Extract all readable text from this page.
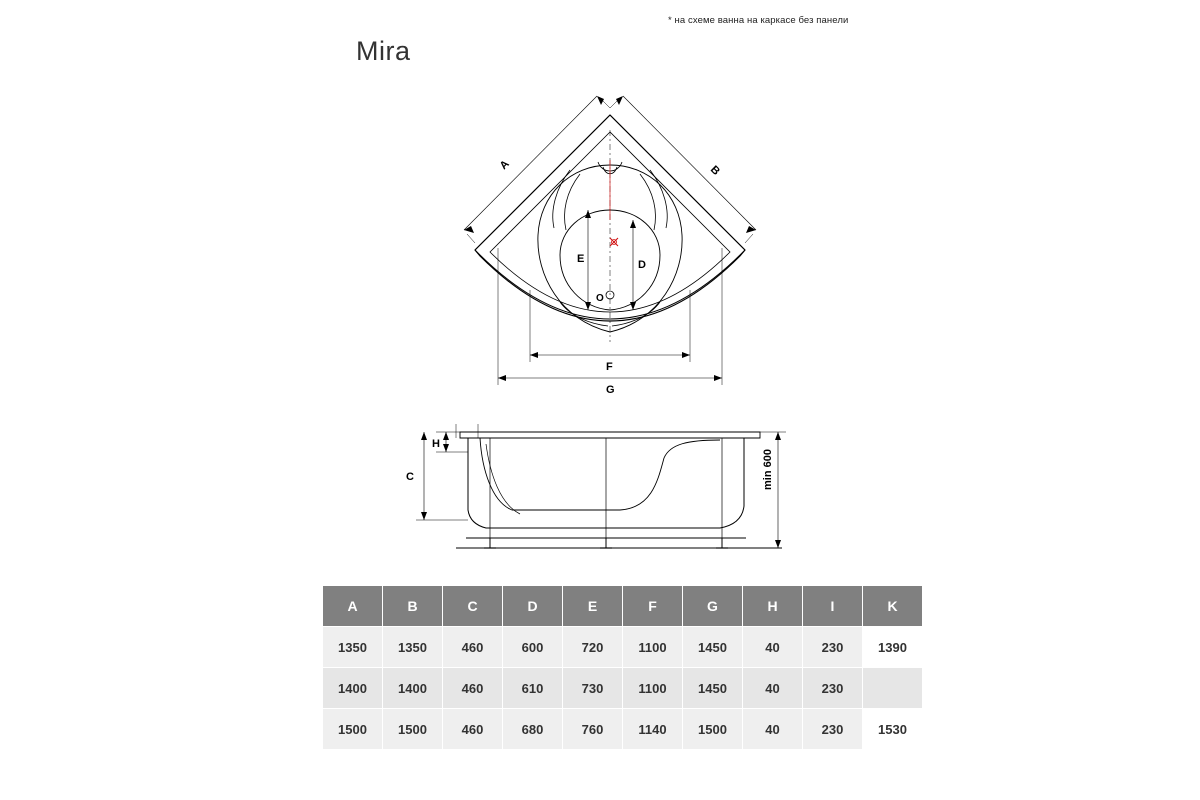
* на схеме ванна на каркасе без панели
Mira
A	B
D
E
F
G
O
C
H
min 600
A	B	C	D	E	F	G	H	I	K
1350	1350	460	600	720	1100	1450	40	230	1390
1400	1400	460	610	730	1100	1450	40	230	
1500	1500	460	680	760	1140	1500	40	230	1530
